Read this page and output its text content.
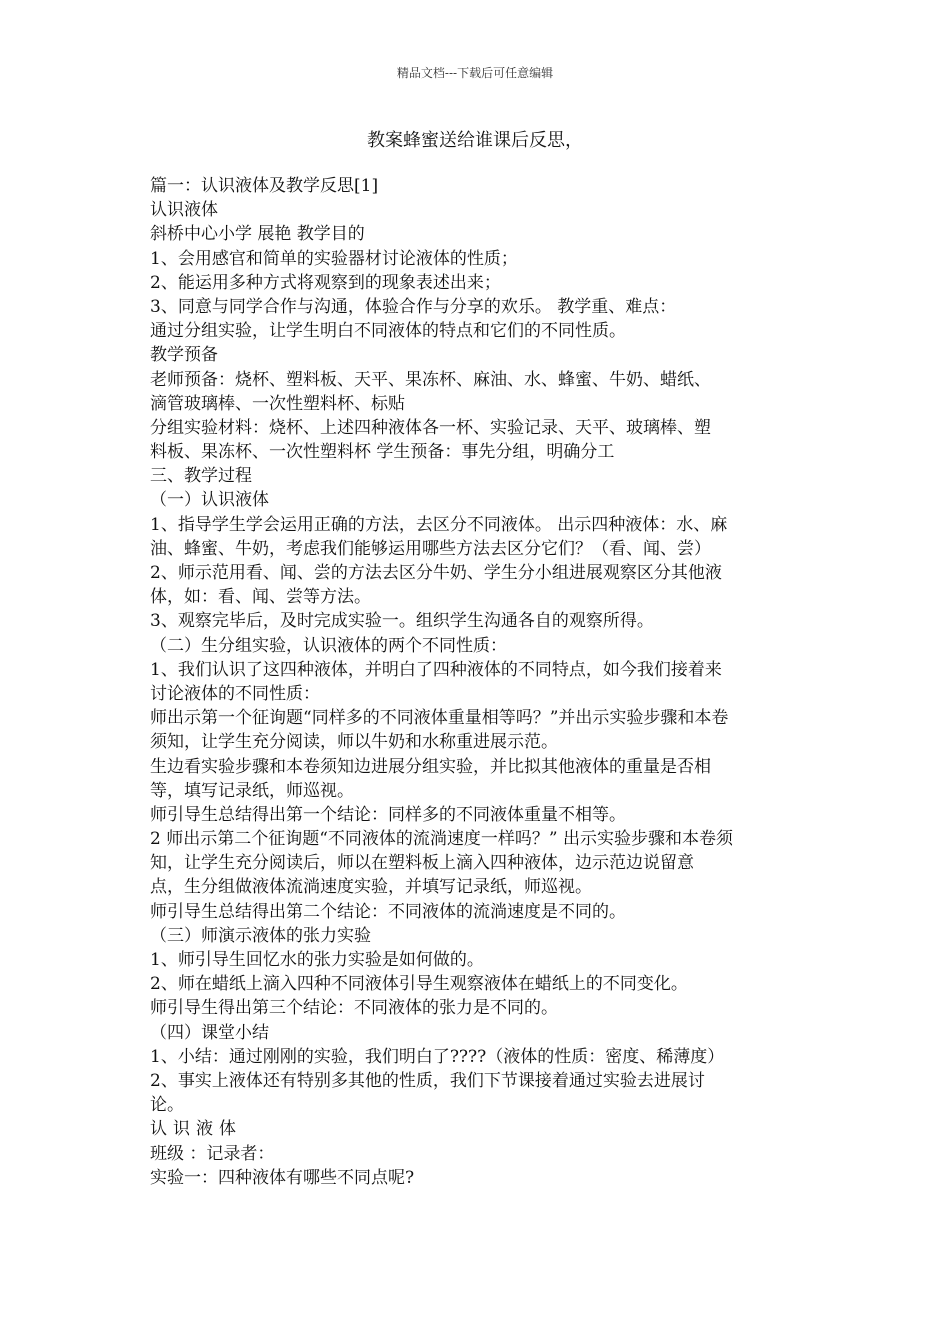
精品文档---下载后可任意编辑
教案蜂蜜送给谁课后反思，
篇一：认识液体及教学反思[1]
认识液体
斜桥中心小学 展艳 教学目的
1、会用感官和简单的实验器材讨论液体的性质；
2、能运用多种方式将观察到的现象表述出来；
3、同意与同学合作与沟通，体验合作与分享的欢乐。 教学重、难点：
通过分组实验，让学生明白不同液体的特点和它们的不同性质。
教学预备
老师预备：烧杯、塑料板、天平、果冻杯、麻油、水、蜂蜜、牛奶、蜡纸、
滴管玻璃棒、一次性塑料杯、标贴
分组实验材料：烧杯、上述四种液体各一杯、实验记录、天平、玻璃棒、塑
料板、果冻杯、一次性塑料杯 学生预备：事先分组，明确分工
三、教学过程
（一）认识液体
1、指导学生学会运用正确的方法，去区分不同液体。 出示四种液体：水、麻
油、蜂蜜、牛奶，考虑我们能够运用哪些方法去区分它们？（看、闻、尝）
2、师示范用看、闻、尝的方法去区分牛奶、学生分小组进展观察区分其他液
体，如：看、闻、尝等方法。
3、观察完毕后，及时完成实验一。组织学生沟通各自的观察所得。
（二）生分组实验，认识液体的两个不同性质：
1、我们认识了这四种液体，并明白了四种液体的不同特点，如今我们接着来
讨论液体的不同性质：
师出示第一个征询题“同样多的不同液体重量相等吗？”并出示实验步骤和本卷
须知，让学生充分阅读，师以牛奶和水称重进展示范。
生边看实验步骤和本卷须知边进展分组实验，并比拟其他液体的重量是否相
等，填写记录纸，师巡视。
师引导生总结得出第一个结论：同样多的不同液体重量不相等。
2 师出示第二个征询题“不同液体的流淌速度一样吗？” 出示实验步骤和本卷须
知，让学生充分阅读后，师以在塑料板上滴入四种液体，边示范边说留意
点，生分组做液体流淌速度实验，并填写记录纸，师巡视。
师引导生总结得出第二个结论：不同液体的流淌速度是不同的。
（三）师演示液体的张力实验
1、师引导生回忆水的张力实验是如何做的。
2、师在蜡纸上滴入四种不同液体引导生观察液体在蜡纸上的不同变化。
师引导生得出第三个结论：不同液体的张力是不同的。
（四）课堂小结
1、小结：通过刚刚的实验，我们明白了????（液体的性质：密度、稀薄度）
2、事实上液体还有特别多其他的性质，我们下节课接着通过实验去进展讨
论。
认识液体
班级 ：记录者：
实验一：四种液体有哪些不同点呢?
